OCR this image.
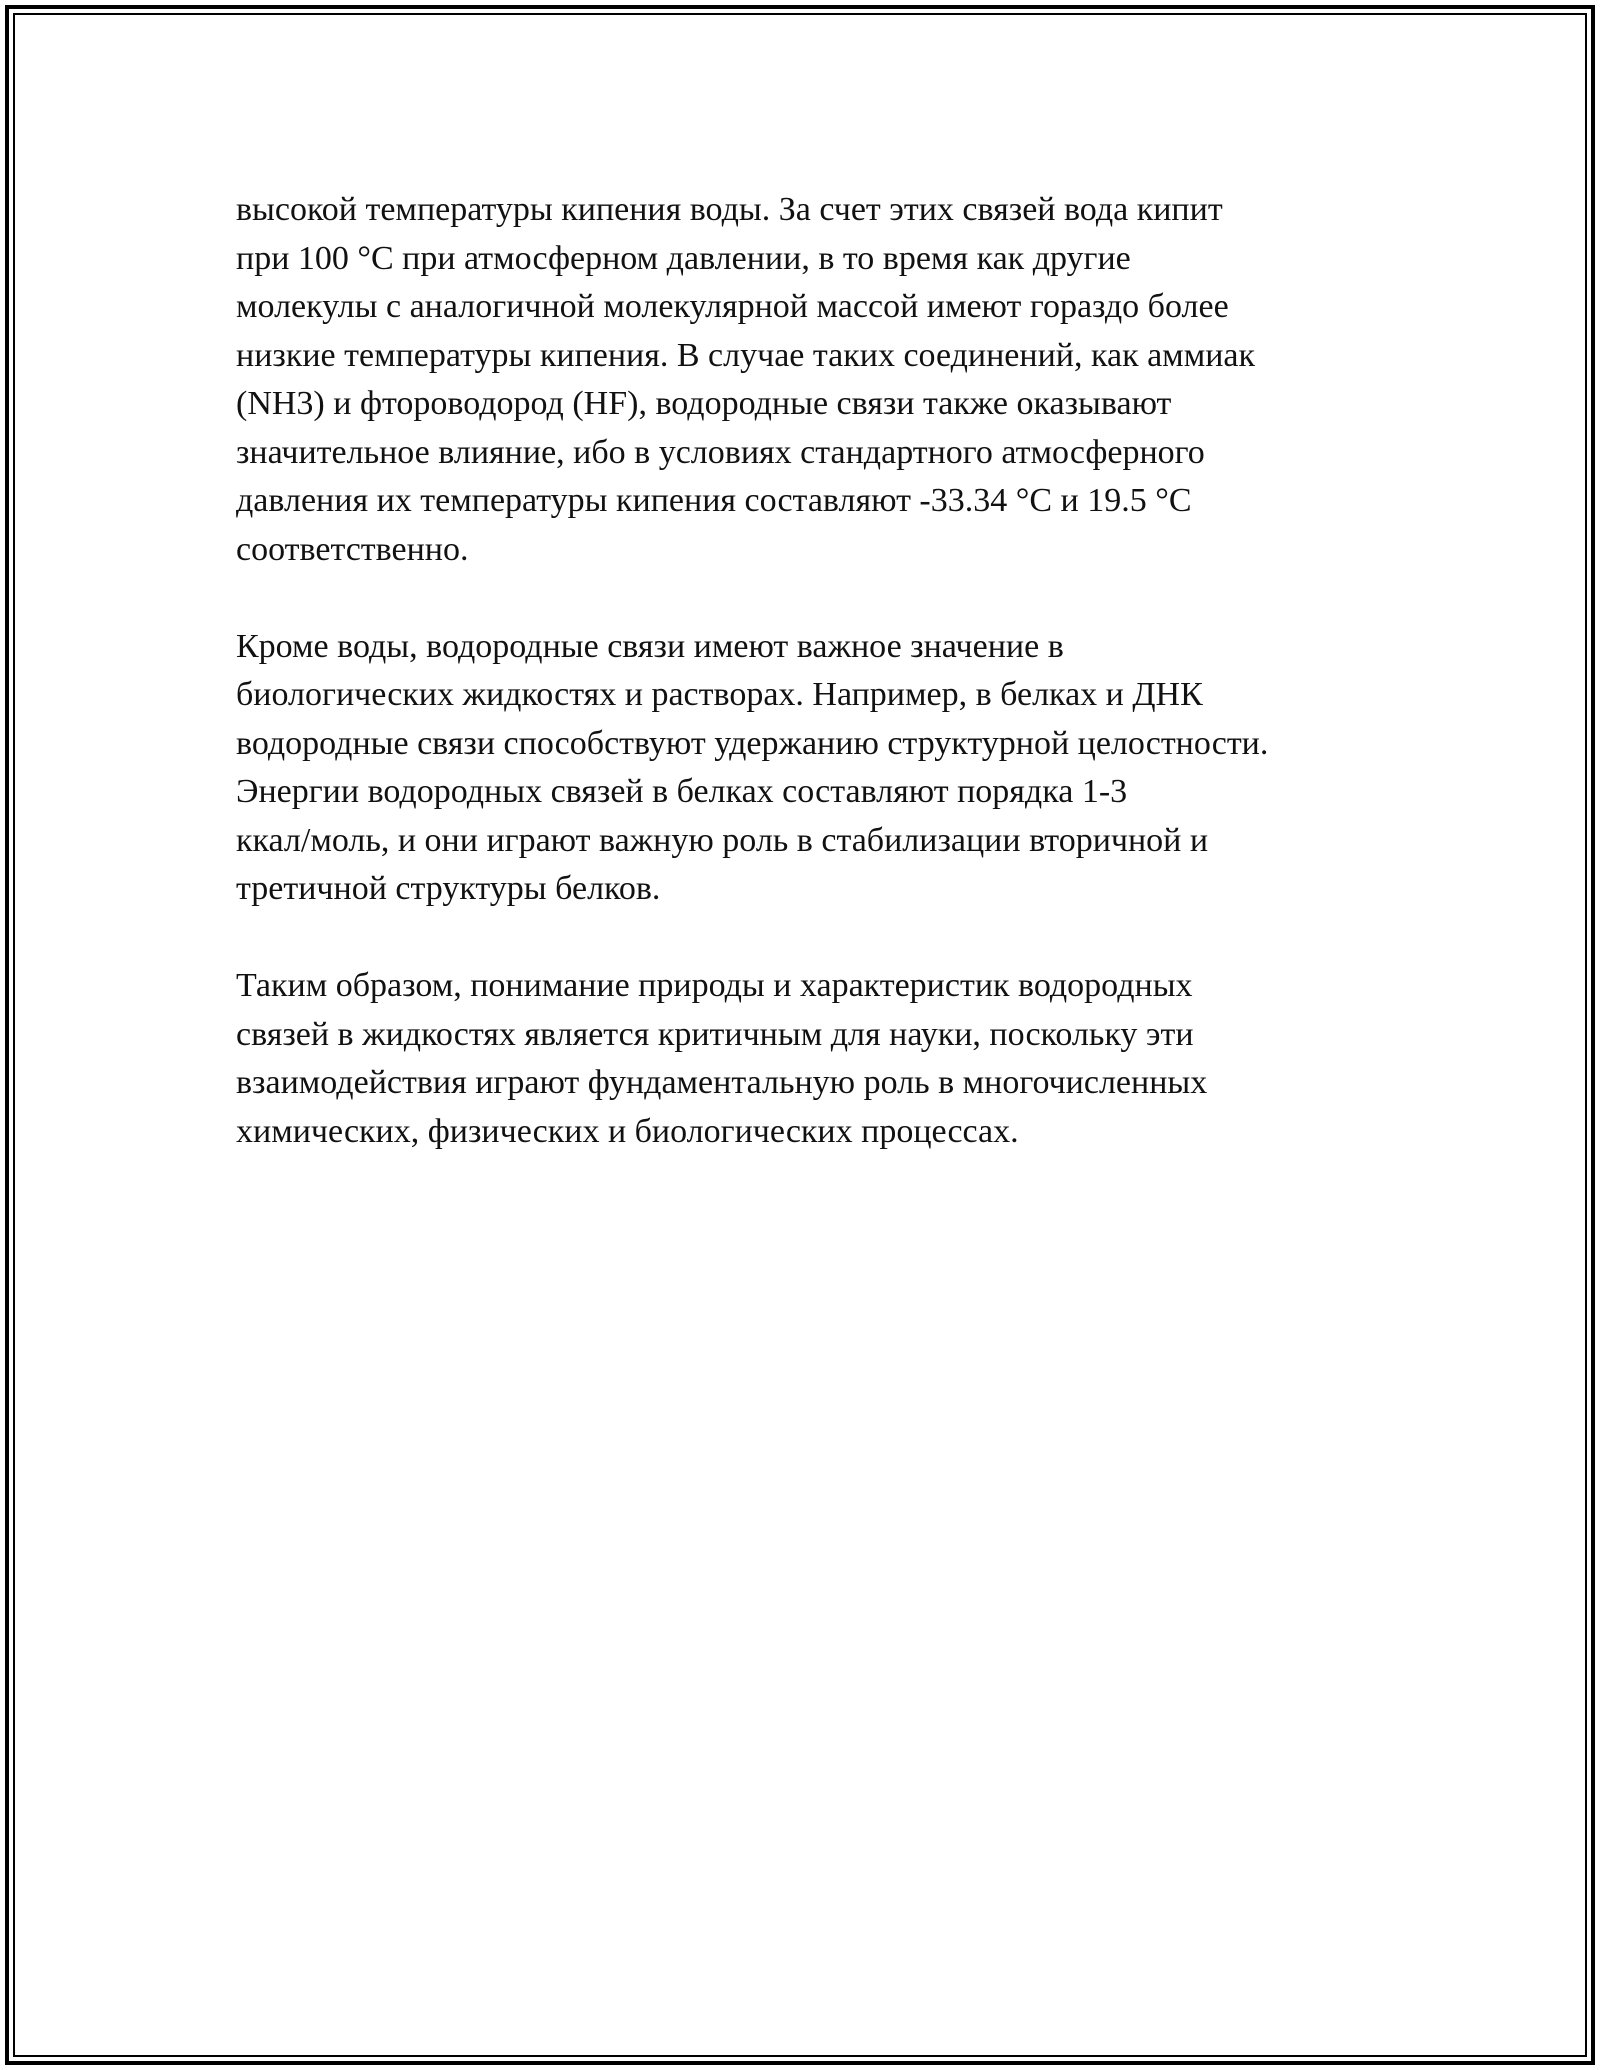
высокой температуры кипения воды. За счет этих связей вода кипит
при 100 °C при атмосферном давлении, в то время как другие
молекулы с аналогичной молекулярной массой имеют гораздо более
низкие температуры кипения. В случае таких соединений, как аммиак
(NH3) и фтороводород (HF), водородные связи также оказывают
значительное влияние, ибо в условиях стандартного атмосферного
давления их температуры кипения составляют -33.34 °C и 19.5 °C
соответственно.

Кроме воды, водородные связи имеют важное значение в
биологических жидкостях и растворах. Например, в белках и ДНК
водородные связи способствуют удержанию структурной целостности.
Энергии водородных связей в белках составляют порядка 1-3
ккал/моль, и они играют важную роль в стабилизации вторичной и
третичной структуры белков.

Таким образом, понимание природы и характеристик водородных
связей в жидкостях является критичным для науки, поскольку эти
взаимодействия играют фундаментальную роль в многочисленных
химических, физических и биологических процессах.
